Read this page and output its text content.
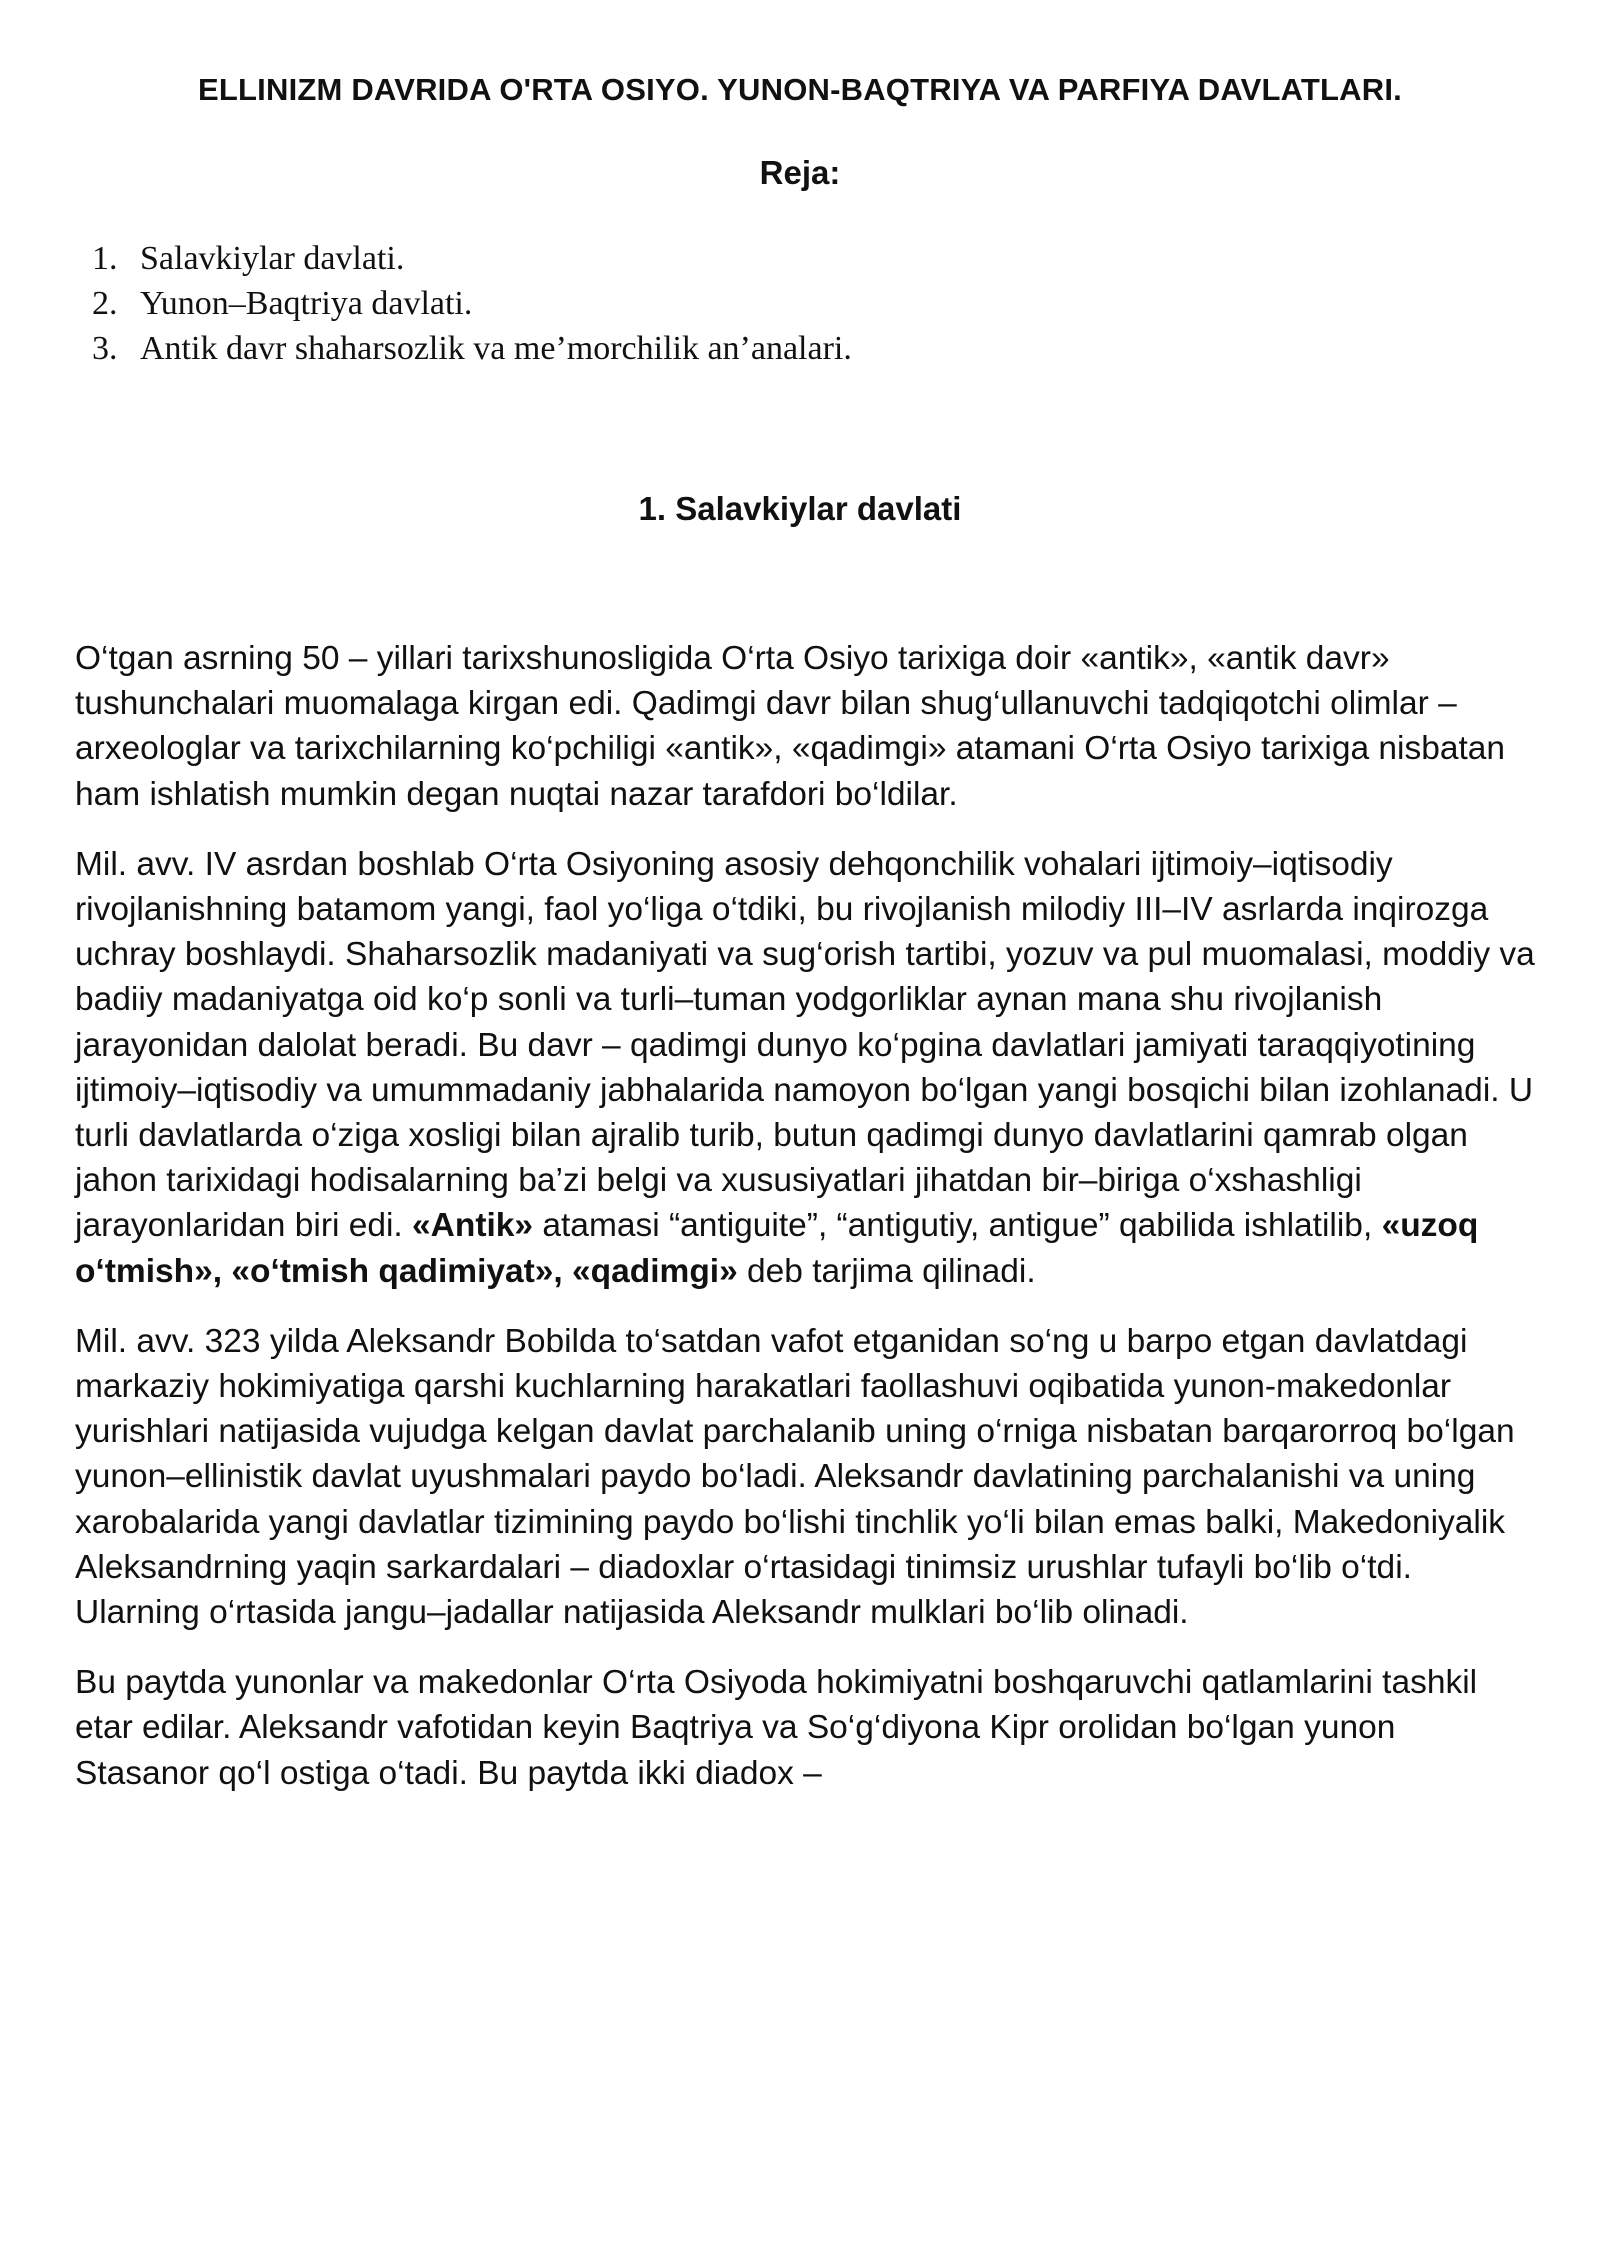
ELLINIZM DAVRIDA O'RTA OSIYO. YUNON-BAQTRIYA VA PARFIYA DAVLATLARI.
Reja:
1. Salavkiylar davlati.
2. Yunon–Baqtriya davlati.
3. Antik davr shaharsozlik va me’morchilik an’analari.
1. Salavkiylar davlati

O‘tgan asrning 50 – yillari tarixshunosligida O‘rta Osiyo tarixiga doir «antik», «antik davr» tushunchalari muomalaga kirgan edi. Qadimgi davr bilan shug‘ullanuvchi tadqiqotchi olimlar – arxeologlar va tarixchilarning ko‘pchiligi «antik», «qadimgi» atamani O‘rta Osiyo tarixiga nisbatan ham ishlatish mumkin degan nuqtai nazar tarafdori bo‘ldilar.

Mil. avv. IV asrdan boshlab O‘rta Osiyoning asosiy dehqonchilik vohalari ijtimoiy–iqtisodiy rivojlanishning batamom yangi, faol yo‘liga o‘tdiki, bu rivojlanish milodiy III–IV asrlarda inqirozga uchray boshlaydi. Shaharsozlik madaniyati va sug‘orish tartibi, yozuv va pul muomalasi, moddiy va badiiy madaniyatga oid ko‘p sonli va turli–tuman yodgorliklar aynan mana shu rivojlanish jarayonidan dalolat beradi. Bu davr – qadimgi dunyo ko‘pgina davlatlari jamiyati taraqqiyotining ijtimoiy–iqtisodiy va umummadaniy jabhalarida namoyon bo‘lgan yangi bosqichi bilan izohlanadi. U turli davlatlarda o‘ziga xosligi bilan ajralib turib, butun qadimgi dunyo davlatlarini qamrab olgan jahon tarixidagi hodisalarning ba’zi belgi va xususiyatlari jihatdan bir–biriga o‘xshashligi jarayonlaridan biri edi. «Antik» atamasi “antiguite”, “antigutiy, antigue” qabilida ishlatilib, «uzoq o‘tmish», «o‘tmish qadimiyat», «qadimgi» deb tarjima qilinadi.

Mil. avv. 323 yilda Aleksandr Bobilda to‘satdan vafot etganidan so‘ng u barpo etgan davlatdagi markaziy hokimiyatiga qarshi kuchlarning harakatlari faollashuvi oqibatida yunon-makedonlar yurishlari natijasida vujudga kelgan davlat parchalanib uning o‘rniga nisbatan barqarorroq bo‘lgan yunon–ellinistik davlat uyushmalari paydo bo‘ladi. Aleksandr davlatining parchalanishi va uning xarobalarida yangi davlatlar tizimining paydo bo‘lishi tinchlik yo‘li bilan emas balki, Makedoniyalik Aleksandrning yaqin sarkardalari – diadoxlar o‘rtasidagi tinimsiz urushlar tufayli bo‘lib o‘tdi. Ularning o‘rtasida jangu–jadallar natijasida Aleksandr mulklari bo‘lib olinadi.

Bu paytda yunonlar va makedonlar O‘rta Osiyoda hokimiyatni boshqaruvchi qatlamlarini tashkil etar edilar. Aleksandr vafotidan keyin Baqtriya va So‘g‘diyona Kipr orolidan bo‘lgan yunon Stasanor qo‘l ostiga o‘tadi. Bu paytda ikki diadox –
